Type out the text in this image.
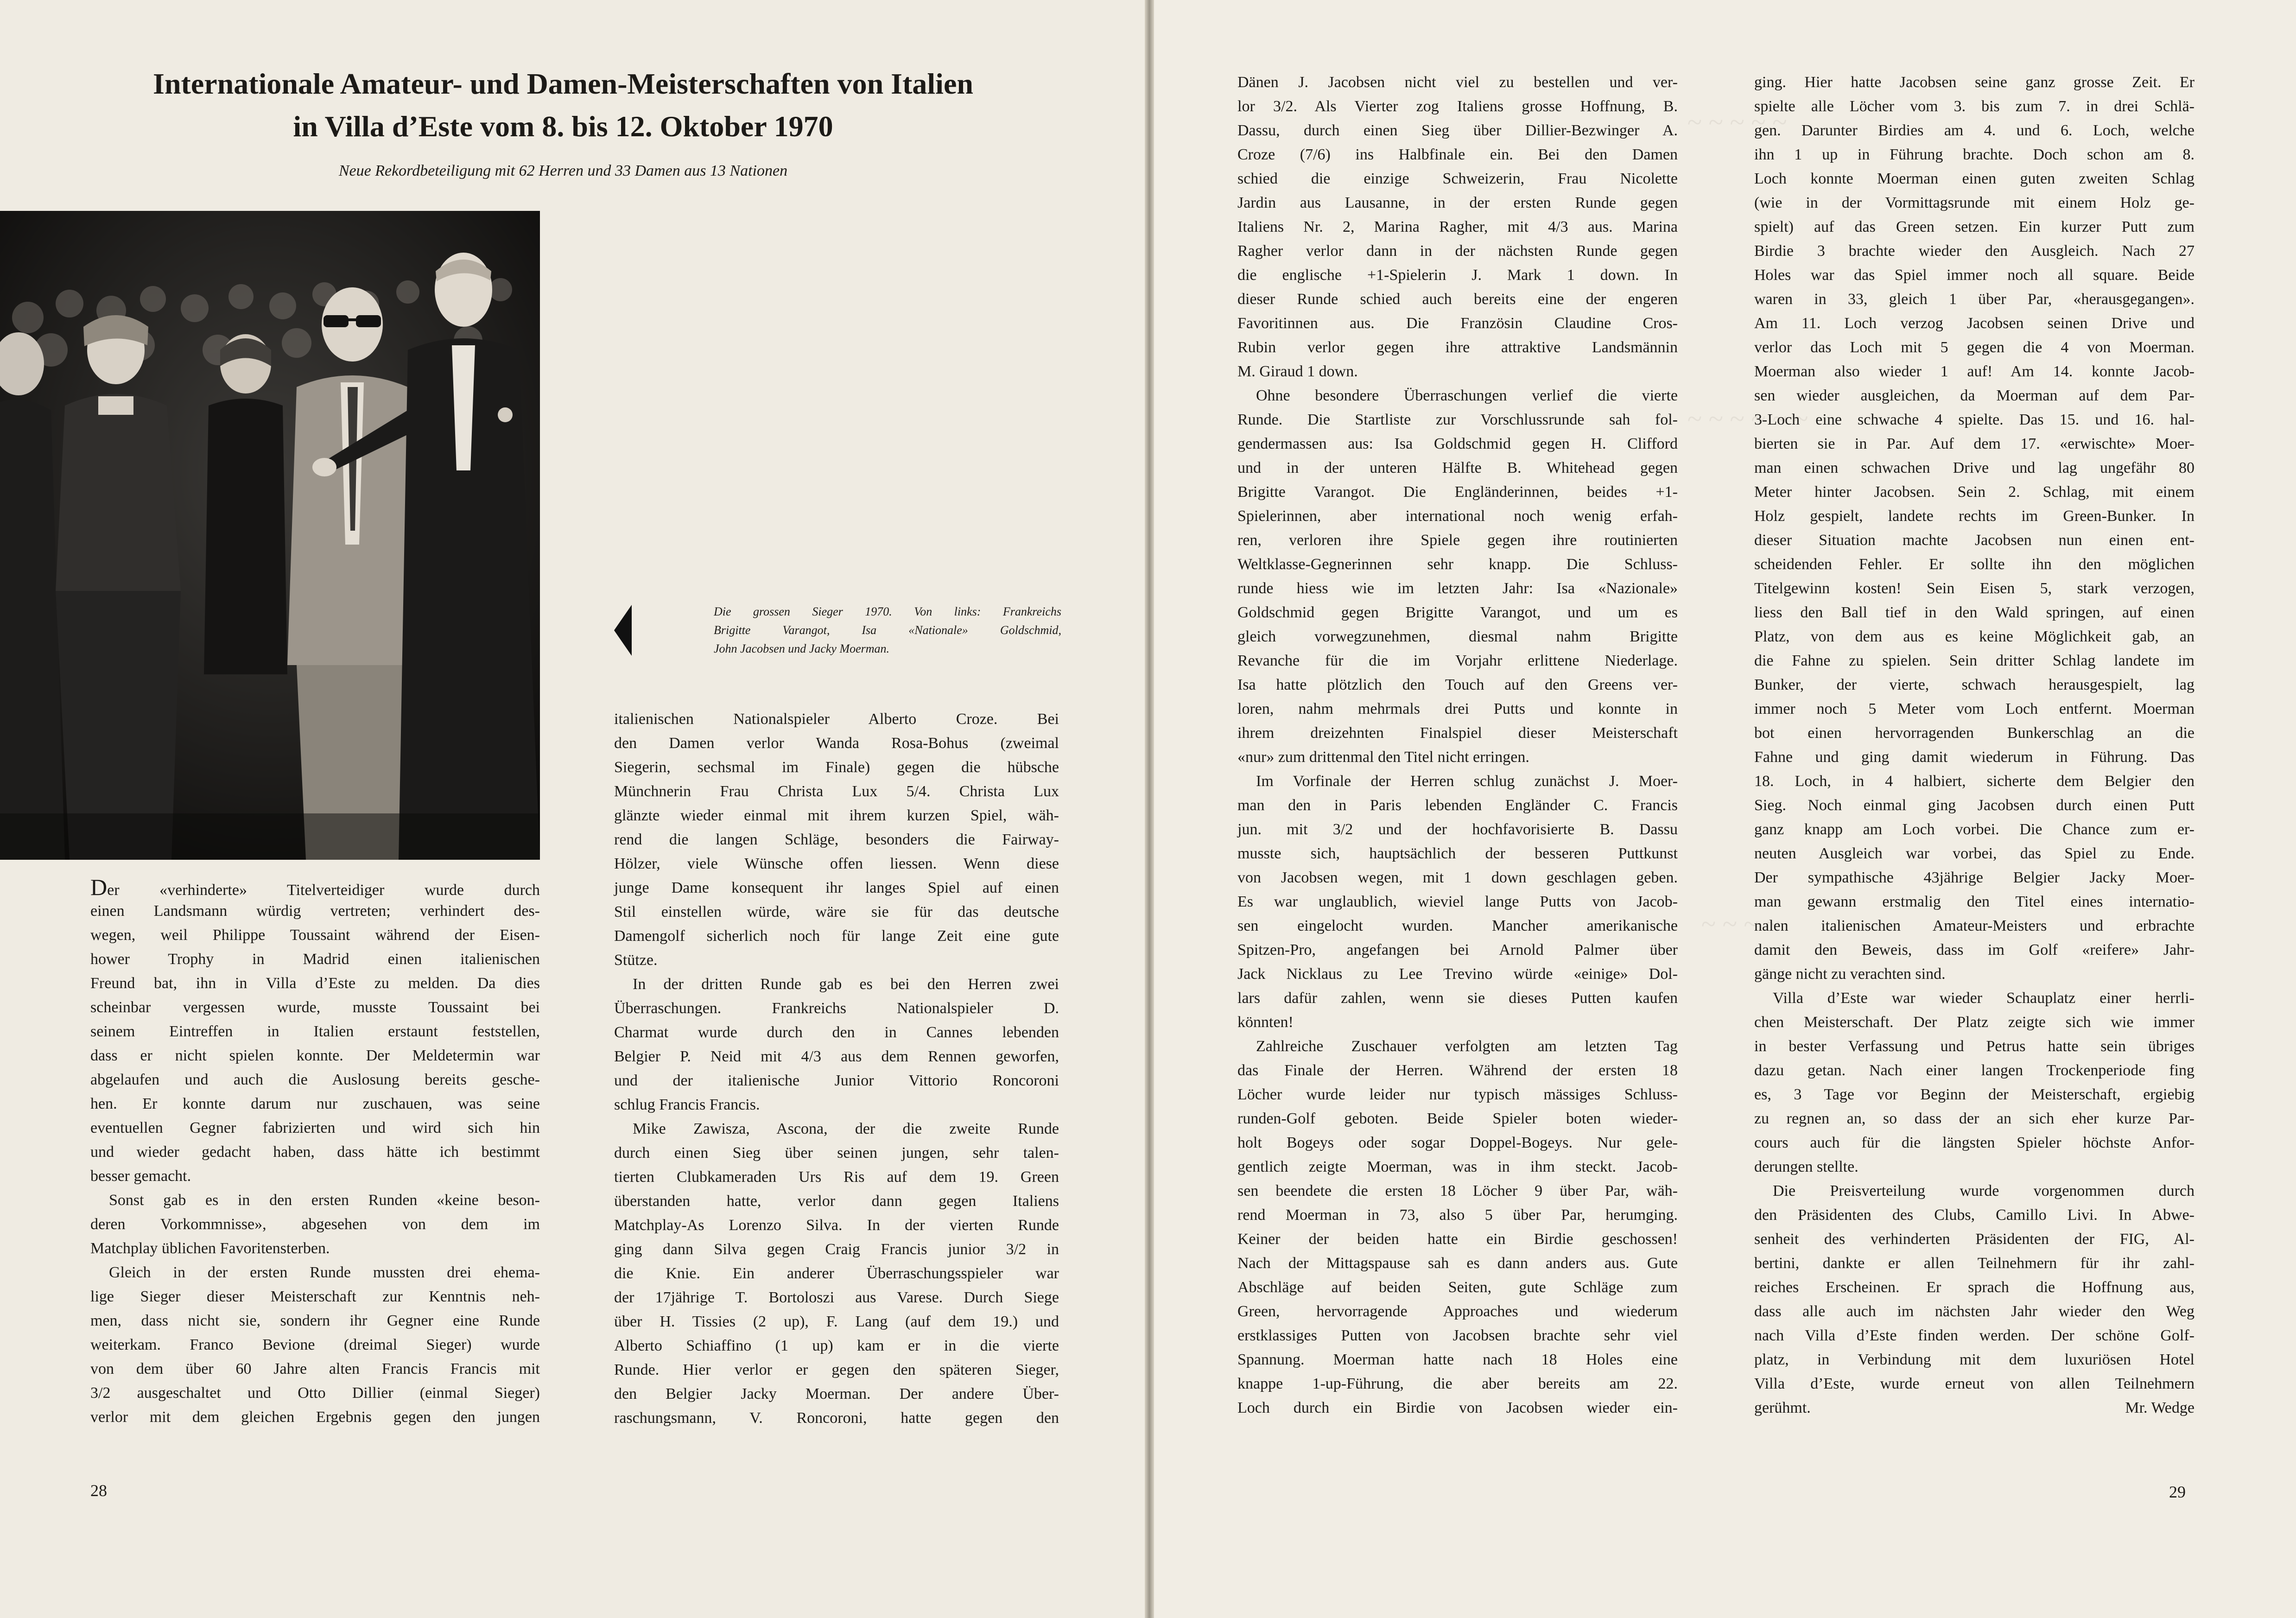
Internationale Amateur- und Damen-Meisterschaften von Italien
in Villa d’Este vom 8. bis 12. Oktober 1970
Neue Rekordbeteiligung mit 62 Herren und 33 Damen aus 13 Nationen
Die grossen Sieger 1970. Von links: Frankreichs
Brigitte Varangot, Isa «Nationale» Goldschmid,
John Jacobsen und Jacky Moerman.
Der «verhinderte» Titelverteidiger wurde durch
einen Landsmann würdig vertreten; verhindert des-
wegen, weil Philippe Toussaint während der Eisen-
hower Trophy in Madrid einen italienischen
Freund bat, ihn in Villa d’Este zu melden. Da dies
scheinbar vergessen wurde, musste Toussaint bei
seinem Eintreffen in Italien erstaunt feststellen,
dass er nicht spielen konnte. Der Meldetermin war
abgelaufen und auch die Auslosung bereits gesche-
hen. Er konnte darum nur zuschauen, was seine
eventuellen Gegner fabrizierten und wird sich hin
und wieder gedacht haben, dass hätte ich bestimmt
besser gemacht.
Sonst gab es in den ersten Runden «keine beson-
deren Vorkommnisse», abgesehen von dem im
Matchplay üblichen Favoritensterben.
Gleich in der ersten Runde mussten drei ehema-
lige Sieger dieser Meisterschaft zur Kenntnis neh-
men, dass nicht sie, sondern ihr Gegner eine Runde
weiterkam. Franco Bevione (dreimal Sieger) wurde
von dem über 60 Jahre alten Francis Francis mit
3/2 ausgeschaltet und Otto Dillier (einmal Sieger)
verlor mit dem gleichen Ergebnis gegen den jungen
italienischen Nationalspieler Alberto Croze. Bei
den Damen verlor Wanda Rosa-Bohus (zweimal
Siegerin, sechsmal im Finale) gegen die hübsche
Münchnerin Frau Christa Lux 5/4. Christa Lux
glänzte wieder einmal mit ihrem kurzen Spiel, wäh-
rend die langen Schläge, besonders die Fairway-
Hölzer, viele Wünsche offen liessen. Wenn diese
junge Dame konsequent ihr langes Spiel auf einen
Stil einstellen würde, wäre sie für das deutsche
Damengolf sicherlich noch für lange Zeit eine gute
Stütze.
In der dritten Runde gab es bei den Herren zwei
Überraschungen. Frankreichs Nationalspieler D.
Charmat wurde durch den in Cannes lebenden
Belgier P. Neid mit 4/3 aus dem Rennen geworfen,
und der italienische Junior Vittorio Roncoroni
schlug Francis Francis.
Mike Zawisza, Ascona, der die zweite Runde
durch einen Sieg über seinen jungen, sehr talen-
tierten Clubkameraden Urs Ris auf dem 19. Green
überstanden hatte, verlor dann gegen Italiens
Matchplay-As Lorenzo Silva. In der vierten Runde
ging dann Silva gegen Craig Francis junior 3/2 in
die Knie. Ein anderer Überraschungsspieler war
der 17jährige T. Bortoloszi aus Varese. Durch Siege
über H. Tissies (2 up), F. Lang (auf dem 19.) und
Alberto Schiaffino (1 up) kam er in die vierte
Runde. Hier verlor er gegen den späteren Sieger,
den Belgier Jacky Moerman. Der andere Über-
raschungsmann, V. Roncoroni, hatte gegen den
28
~ ~ ~ ~ ~
~ ~ ~ ~ ~ ~
~ ~ ~ ~
Dänen J. Jacobsen nicht viel zu bestellen und ver-
lor 3/2. Als Vierter zog Italiens grosse Hoffnung, B.
Dassu, durch einen Sieg über Dillier-Bezwinger A.
Croze (7/6) ins Halbfinale ein. Bei den Damen
schied die einzige Schweizerin, Frau Nicolette
Jardin aus Lausanne, in der ersten Runde gegen
Italiens Nr. 2, Marina Ragher, mit 4/3 aus. Marina
Ragher verlor dann in der nächsten Runde gegen
die englische +1-Spielerin J. Mark 1 down. In
dieser Runde schied auch bereits eine der engeren
Favoritinnen aus. Die Französin Claudine Cros-
Rubin verlor gegen ihre attraktive Landsmännin
M. Giraud 1 down.
Ohne besondere Überraschungen verlief die vierte
Runde. Die Startliste zur Vorschlussrunde sah fol-
gendermassen aus: Isa Goldschmid gegen H. Clifford
und in der unteren Hälfte B. Whitehead gegen
Brigitte Varangot. Die Engländerinnen, beides +1-
Spielerinnen, aber international noch wenig erfah-
ren, verloren ihre Spiele gegen ihre routinierten
Weltklasse-Gegnerinnen sehr knapp. Die Schluss-
runde hiess wie im letzten Jahr: Isa «Nazionale»
Goldschmid gegen Brigitte Varangot, und um es
gleich vorwegzunehmen, diesmal nahm Brigitte
Revanche für die im Vorjahr erlittene Niederlage.
Isa hatte plötzlich den Touch auf den Greens ver-
loren, nahm mehrmals drei Putts und konnte in
ihrem dreizehnten Finalspiel dieser Meisterschaft
«nur» zum drittenmal den Titel nicht erringen.
Im Vorfinale der Herren schlug zunächst J. Moer-
man den in Paris lebenden Engländer C. Francis
jun. mit 3/2 und der hochfavorisierte B. Dassu
musste sich, hauptsächlich der besseren Puttkunst
von Jacobsen wegen, mit 1 down geschlagen geben.
Es war unglaublich, wieviel lange Putts von Jacob-
sen eingelocht wurden. Mancher amerikanische
Spitzen-Pro, angefangen bei Arnold Palmer über
Jack Nicklaus zu Lee Trevino würde «einige» Dol-
lars dafür zahlen, wenn sie dieses Putten kaufen
könnten!
Zahlreiche Zuschauer verfolgten am letzten Tag
das Finale der Herren. Während der ersten 18
Löcher wurde leider nur typisch mässiges Schluss-
runden-Golf geboten. Beide Spieler boten wieder-
holt Bogeys oder sogar Doppel-Bogeys. Nur gele-
gentlich zeigte Moerman, was in ihm steckt. Jacob-
sen beendete die ersten 18 Löcher 9 über Par, wäh-
rend Moerman in 73, also 5 über Par, herumging.
Keiner der beiden hatte ein Birdie geschossen!
Nach der Mittagspause sah es dann anders aus. Gute
Abschläge auf beiden Seiten, gute Schläge zum
Green, hervorragende Approaches und wiederum
erstklassiges Putten von Jacobsen brachte sehr viel
Spannung. Moerman hatte nach 18 Holes eine
knappe 1-up-Führung, die aber bereits am 22.
Loch durch ein Birdie von Jacobsen wieder ein-
ging. Hier hatte Jacobsen seine ganz grosse Zeit. Er
spielte alle Löcher vom 3. bis zum 7. in drei Schlä-
gen. Darunter Birdies am 4. und 6. Loch, welche
ihn 1 up in Führung brachte. Doch schon am 8.
Loch konnte Moerman einen guten zweiten Schlag
(wie in der Vormittagsrunde mit einem Holz ge-
spielt) auf das Green setzen. Ein kurzer Putt zum
Birdie 3 brachte wieder den Ausgleich. Nach 27
Holes war das Spiel immer noch all square. Beide
waren in 33, gleich 1 über Par, «herausgegangen».
Am 11. Loch verzog Jacobsen seinen Drive und
verlor das Loch mit 5 gegen die 4 von Moerman.
Moerman also wieder 1 auf! Am 14. konnte Jacob-
sen wieder ausgleichen, da Moerman auf dem Par-
3-Loch eine schwache 4 spielte. Das 15. und 16. hal-
bierten sie in Par. Auf dem 17. «erwischte» Moer-
man einen schwachen Drive und lag ungefähr 80
Meter hinter Jacobsen. Sein 2. Schlag, mit einem
Holz gespielt, landete rechts im Green-Bunker. In
dieser Situation machte Jacobsen nun einen ent-
scheidenden Fehler. Er sollte ihn den möglichen
Titelgewinn kosten! Sein Eisen 5, stark verzogen,
liess den Ball tief in den Wald springen, auf einen
Platz, von dem aus es keine Möglichkeit gab, an
die Fahne zu spielen. Sein dritter Schlag landete im
Bunker, der vierte, schwach herausgespielt, lag
immer noch 5 Meter vom Loch entfernt. Moerman
bot einen hervorragenden Bunkerschlag an die
Fahne und ging damit wiederum in Führung. Das
18. Loch, in 4 halbiert, sicherte dem Belgier den
Sieg. Noch einmal ging Jacobsen durch einen Putt
ganz knapp am Loch vorbei. Die Chance zum er-
neuten Ausgleich war vorbei, das Spiel zu Ende.
Der sympathische 43jährige Belgier Jacky Moer-
man gewann erstmalig den Titel eines internatio-
nalen italienischen Amateur-Meisters und erbrachte
damit den Beweis, dass im Golf «reifere» Jahr-
gänge nicht zu verachten sind.
Villa d’Este war wieder Schauplatz einer herrli-
chen Meisterschaft. Der Platz zeigte sich wie immer
in bester Verfassung und Petrus hatte sein übriges
dazu getan. Nach einer langen Trockenperiode fing
es, 3 Tage vor Beginn der Meisterschaft, ergiebig
zu regnen an, so dass der an sich eher kurze Par-
cours auch für die längsten Spieler höchste Anfor-
derungen stellte.
Die Preisverteilung wurde vorgenommen durch
den Präsidenten des Clubs, Camillo Livi. In Abwe-
senheit des verhinderten Präsidenten der FIG, Al-
bertini, dankte er allen Teilnehmern für ihr zahl-
reiches Erscheinen. Er sprach die Hoffnung aus,
dass alle auch im nächsten Jahr wieder den Weg
nach Villa d’Este finden werden. Der schöne Golf-
platz, in Verbindung mit dem luxuriösen Hotel
Villa d’Este, wurde erneut von allen Teilnehmern
gerühmt.	Mr. Wedge
29
